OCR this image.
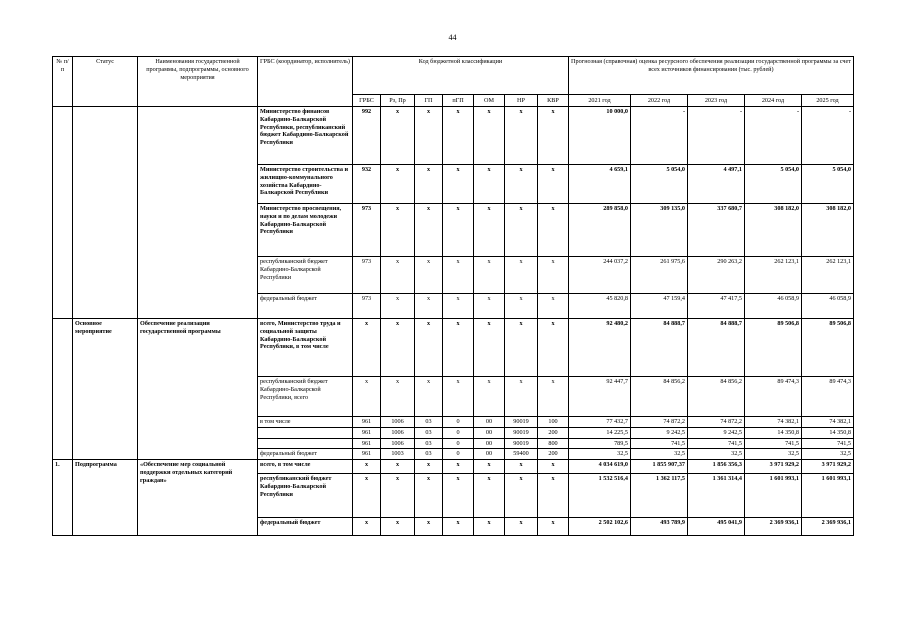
44
№ п/п	Статус	Наименования государственной программы, подпрограммы, основного мероприятия	ГРБС (координатор, исполнитель)	Код бюджетной классификации							Прогнозная (справочная) оценка ресурсного обеспечения реализации государственной программы за счет всех источников финансирования (тыс. рублей)				
				ГРБС	Рз, Пр	ГП	пГП	ОМ	НР	КВР	2021 год	2022 год	2023 год	2024 год	2025 год
			Министерство финансов Кабардино-Балкарской Республики, республиканский бюджет Кабардино-Балкарской Республики	992	х	х	х	х	х	х	10 000,0	-	-	-	-
			Министерство строительства и жилищно-коммунального хозяйства Кабардино-Балкарской Республики	932	х	х	х	х	х	х	4 659,1	5 054,0	4 497,1	5 054,0	5 054,0
			Министерство просвещения, науки и по делам молодежи Кабардино-Балкарской Республики	973	х	х	х	х	х	х	289 858,0	309 135,0	337 680,7	308 182,0	308 182,0
			республиканский бюджет Кабардино-Балкарской Республики	973	х	х	х	х	х	х	244 037,2	261 975,6	290 263,2	262 123,1	262 123,1
			федеральный бюджет	973	х	х	х	х	х	х	45 820,8	47 159,4	47 417,5	46 058,9	46 058,9
	Основное мероприятие	Обеспечение реализации государственной программы	всего, Министерство труда и социальной защиты Кабардино-Балкарской Республики, в том числе	х	х	х	х	х	х	х	92 480,2	84 888,7	84 888,7	89 506,8	89 506,8
			республиканский бюджет Кабардино-Балкарской Республики, всего	х	х	х	х	х	х	х	92 447,7	84 856,2	84 856,2	89 474,3	89 474,3
			в том числе	961	1006	03	0	00	90019	100	77 432,7	74 872,2	74 872,2	74 382,1	74 382,1
				961	1006	03	0	00	90019	200	14 225,5	9 242,5	9 242,5	14 350,8	14 350,8
				961	1006	03	0	00	90019	800	789,5	741,5	741,5	741,5	741,5
			федеральный бюджет	961	1003	03	0	00	59400	200	32,5	32,5	32,5	32,5	32,5
1.	Подпрограмма	«Обеспечение мер социальной поддержки отдельных категорий граждан»	всего, в том числе	х	х	х	х	х	х	х	4 034 619,0	1 855 907,37	1 856 356,3	3 971 929,2	3 971 929,2
			республиканский бюджет Кабардино-Балкарской Республики	х	х	х	х	х	х	х	1 532 516,4	1 362 117,5	1 361 314,4	1 601 993,1	1 601 993,1
			федеральный бюджет	х	х	х	х	х	х	х	2 502 102,6	493 789,9	495 041,9	2 369 936,1	2 369 936,1
